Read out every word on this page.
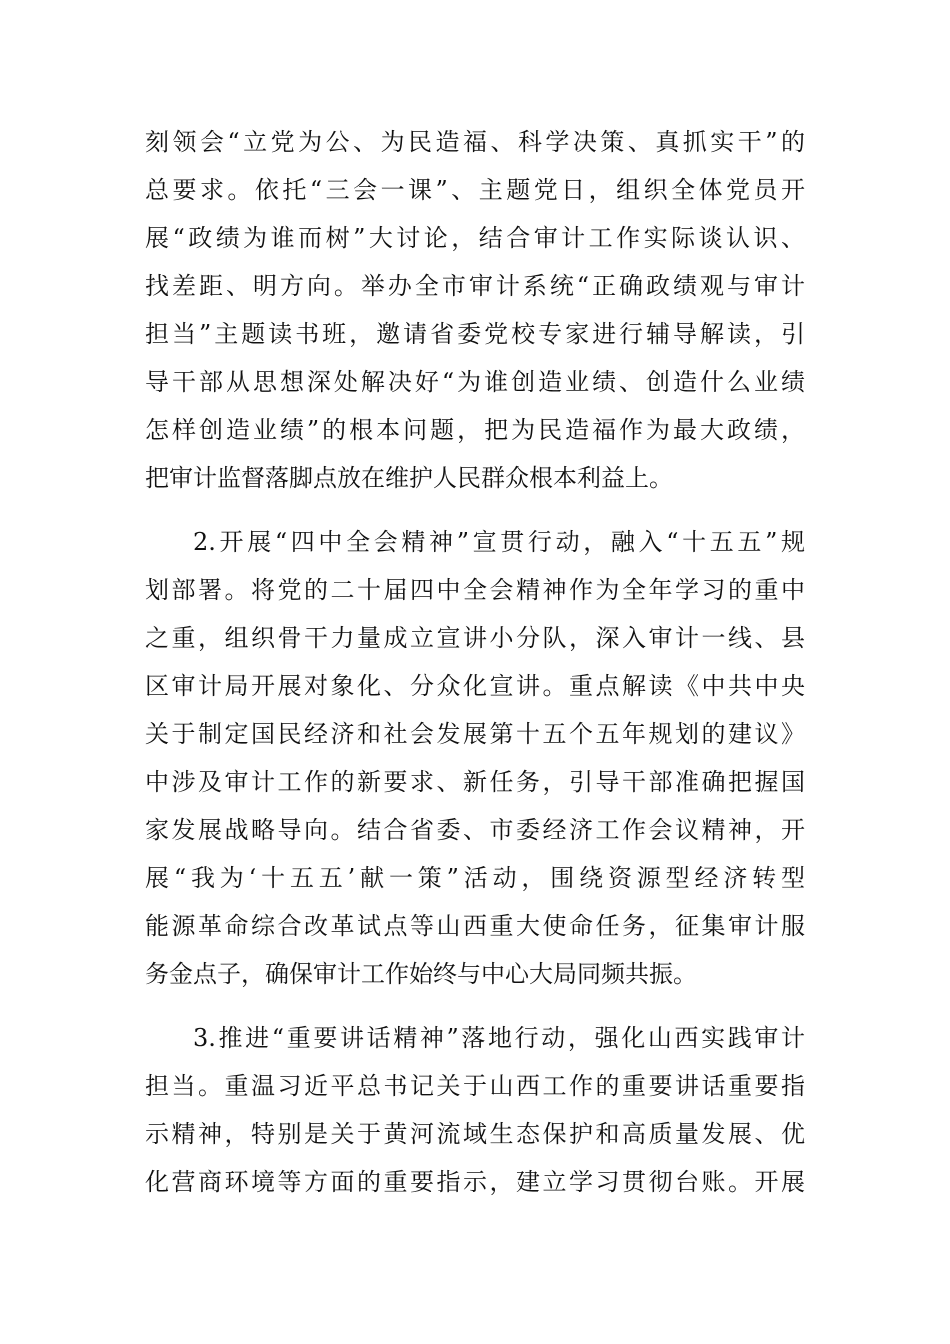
刻领会“立党为公、为民造福、科学决策、真抓实干”的
总要求。依托“三会一课”、主题党日，组织全体党员开
展“政绩为谁而树”大讨论，结合审计工作实际谈认识、
找差距、明方向。举办全市审计系统“正确政绩观与审计
担当”主题读书班，邀请省委党校专家进行辅导解读，引
导干部从思想深处解决好“为谁创造业绩、创造什么业绩
怎样创造业绩”的根本问题，把为民造福作为最大政绩，
把审计监督落脚点放在维护人民群众根本利益上。
2.开展“四中全会精神”宣贯行动，融入“十五五”规
划部署。将党的二十届四中全会精神作为全年学习的重中
之重，组织骨干力量成立宣讲小分队，深入审计一线、县
区审计局开展对象化、分众化宣讲。重点解读《中共中央
关于制定国民经济和社会发展第十五个五年规划的建议》
中涉及审计工作的新要求、新任务，引导干部准确把握国
家发展战略导向。结合省委、市委经济工作会议精神，开
展“我为‘十五五’献一策”活动，围绕资源型经济转型
能源革命综合改革试点等山西重大使命任务，征集审计服
务金点子，确保审计工作始终与中心大局同频共振。
3.推进“重要讲话精神”落地行动，强化山西实践审计
担当。重温习近平总书记关于山西工作的重要讲话重要指
示精神，特别是关于黄河流域生态保护和高质量发展、优
化营商环境等方面的重要指示，建立学习贯彻台账。开展
